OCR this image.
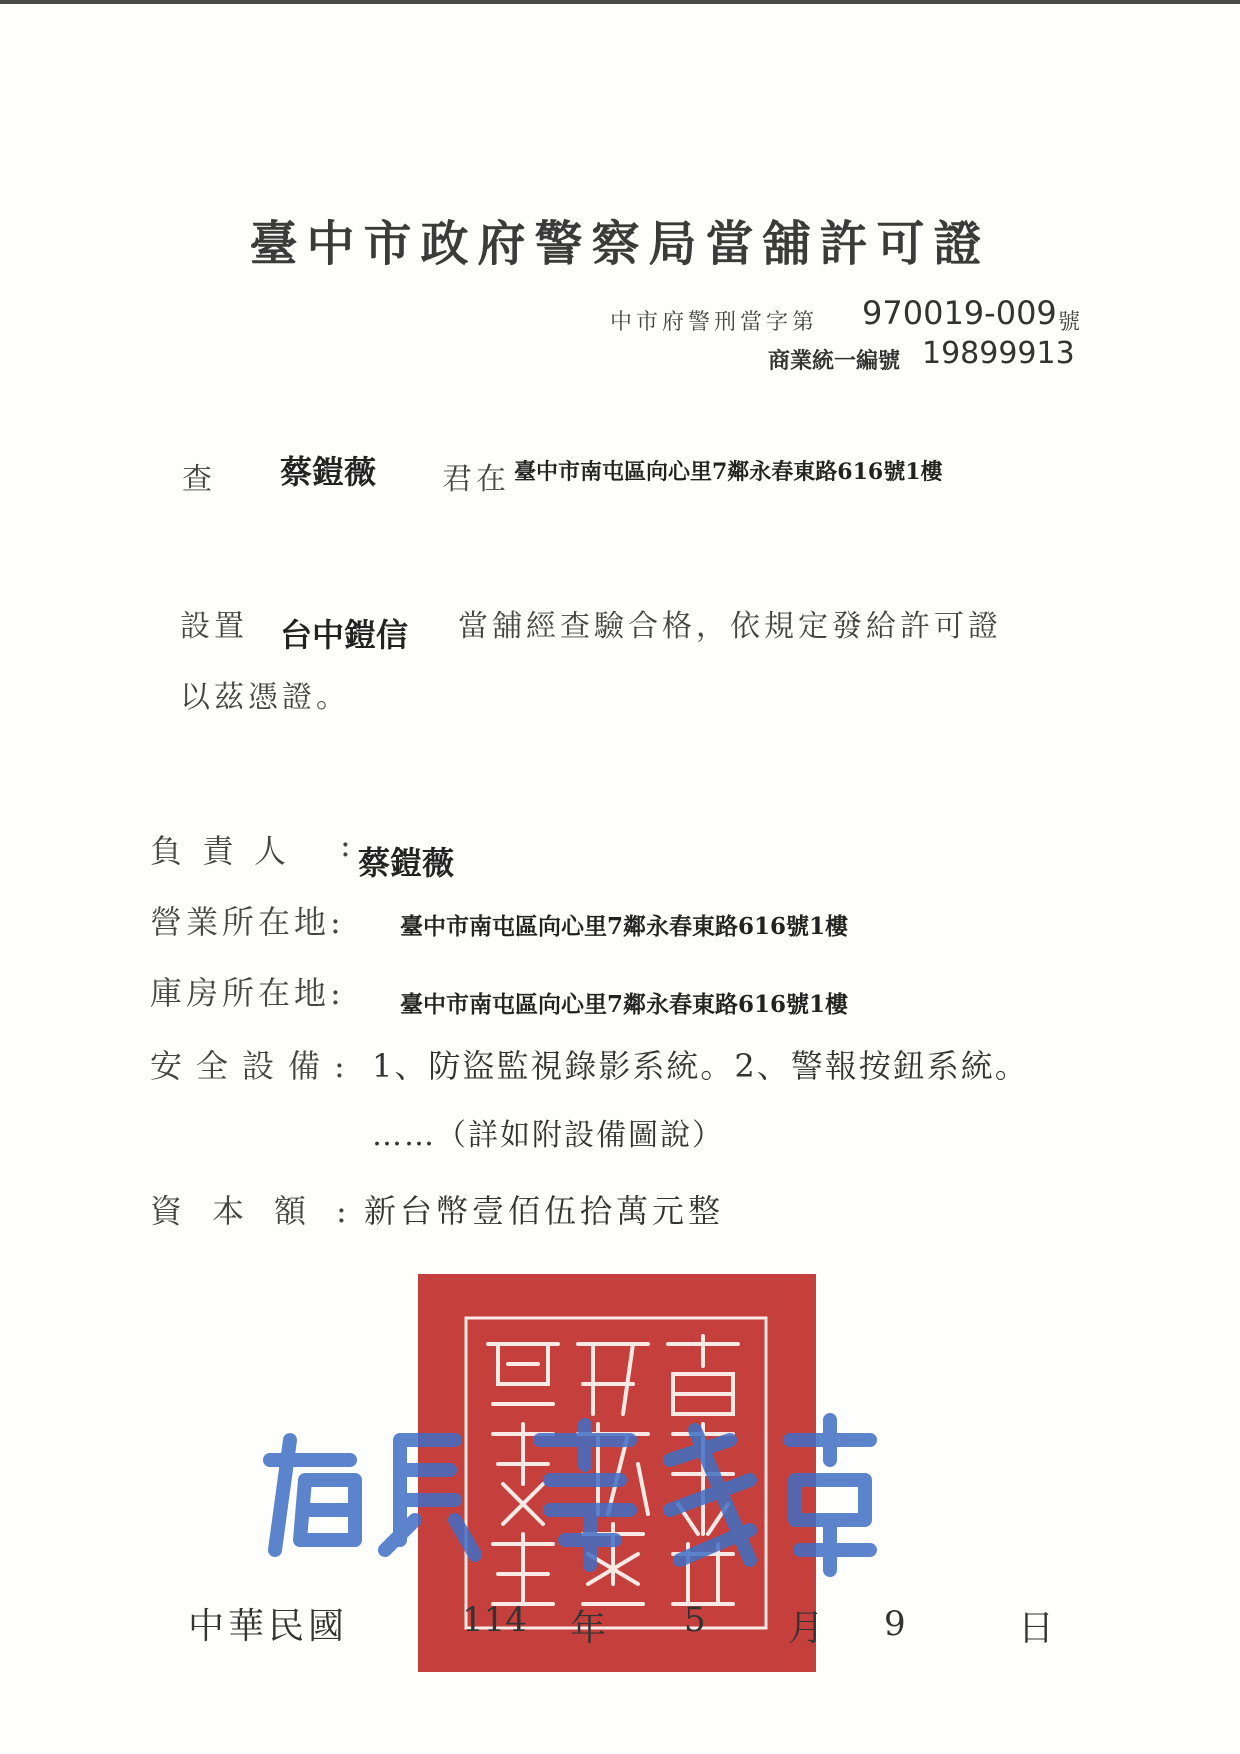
臺中市政府警察局當舖許可證
中市府警刑當字第 970019-009 號
商業統一編號 19899913
查 蔡鎧薇 君在 臺中市南屯區向心里7鄰永春東路616號1樓
設置 台中鎧信 當舖經查驗合格，依規定發給許可證
以茲憑證。
負責人 : 蔡鎧薇
營業所在地: 臺中市南屯區向心里7鄰永春東路616號1樓
庫房所在地: 臺中市南屯區向心里7鄰永春東路616號1樓
安全設備: 1、防盜監視錄影系統。2、警報按鈕系統。
……（詳如附設備圖說）
資本額:
新台幣壹佰伍拾萬元整
中華民國	114 年 5 月 9	日
